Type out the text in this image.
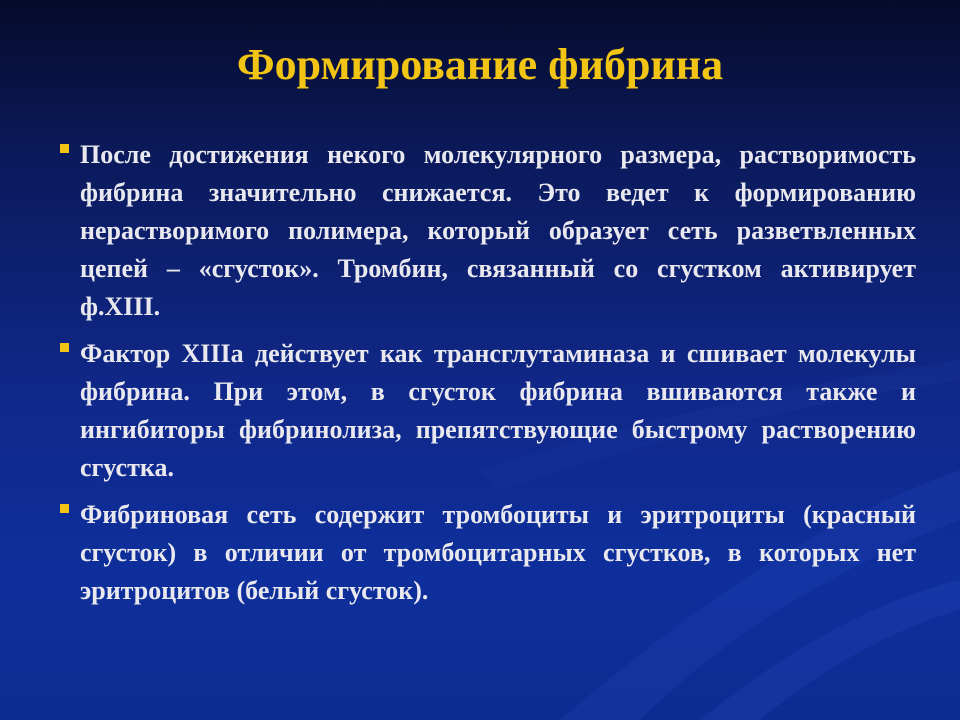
Формирование фибрина

После достижения некого молекулярного размера, растворимость фибрина значительно снижается. Это ведет к формированию нерастворимого полимера, который образует сеть разветвленных цепей – «сгусток». Тромбин, связанный со сгустком активирует ф.XIII.

Фактор XIIIa действует как трансглутаминаза и сшивает молекулы фибрина. При этом, в сгусток фибрина вшиваются также и ингибиторы фибринолиза, препятствующие быстрому растворению сгустка.

Фибриновая сеть содержит тромбоциты и эритроциты (красный сгусток) в отличии от тромбоцитарных сгустков, в которых нет эритроцитов (белый сгусток).
